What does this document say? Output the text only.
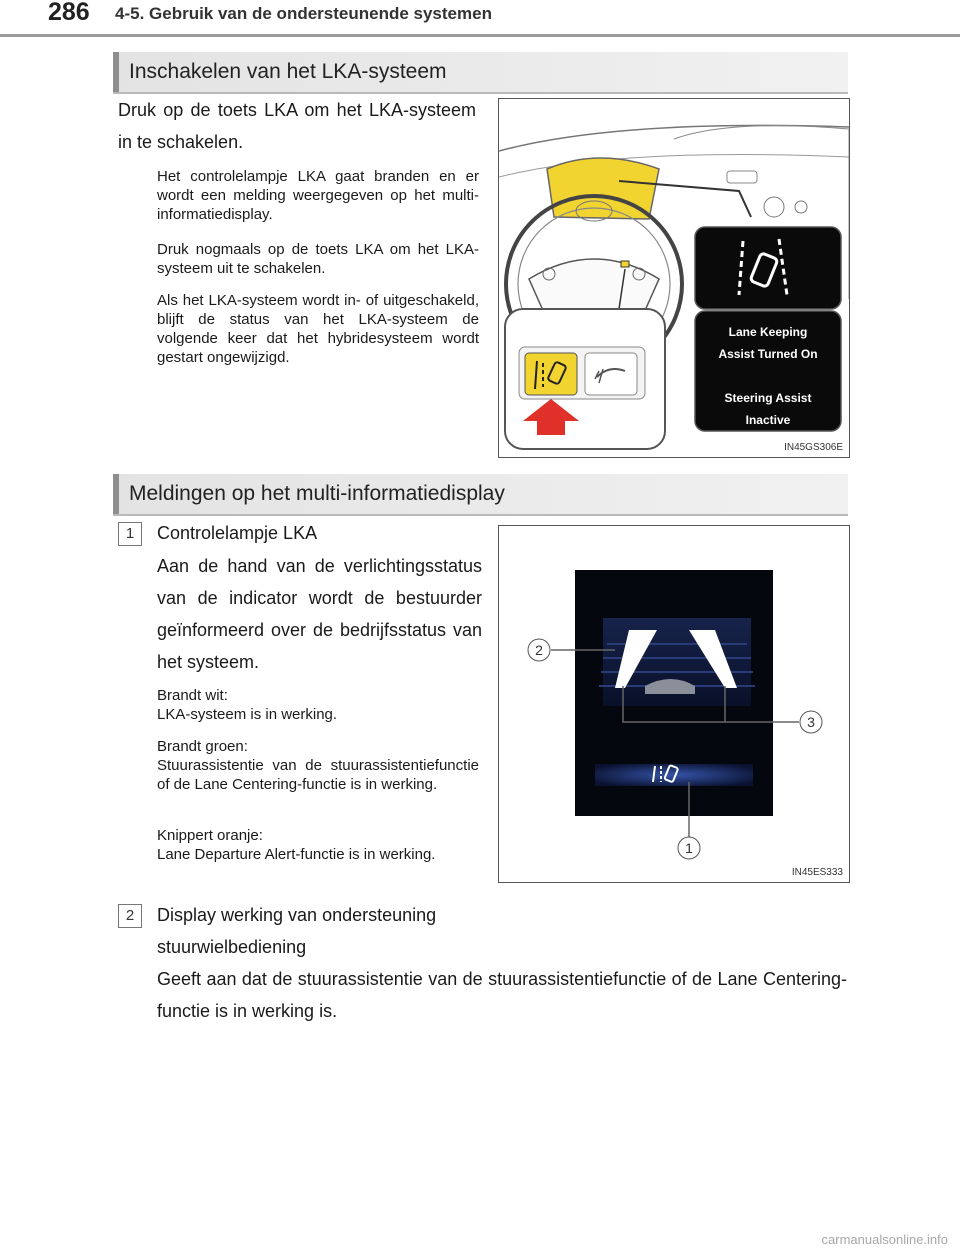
286 4-5. Gebruik van de ondersteunende systemen
Inschakelen van het LKA-systeem

Druk op de toets LKA om het LKA-systeem in te schakelen.

Het controlelampje LKA gaat branden en er wordt een melding weergegeven op het multi-informatiedisplay.

Druk nogmaals op de toets LKA om het LKA-systeem uit te schakelen.

Als het LKA-systeem wordt in- of uitgeschakeld, blijft de status van het LKA-systeem de volgende keer dat het hybridesysteem wordt gestart ongewijzigd.

Lane Keeping
Assist Turned On
Steering Assist
Inactive
IN45GS306E
Meldingen op het multi-informatiedisplay
1	Controlelampje LKA

Aan de hand van de verlichtingsstatus van de indicator wordt de bestuurder geïnformeerd over de bedrijfsstatus van het systeem.

Brandt wit:

LKA-systeem is in werking.

Brandt groen:

Stuurassistentie van de stuurassistentiefunctie of de Lane Centering-functie is in werking.

Knippert oranje:

Lane Departure Alert-functie is in werking.

2	Display werking van ondersteuning stuurwielbediening

Geeft aan dat de stuurassistentie van de stuurassistentiefunctie of de Lane Centering-functie is in werking is.

2
3
1
IN45ES333
carmanualsonline.info
